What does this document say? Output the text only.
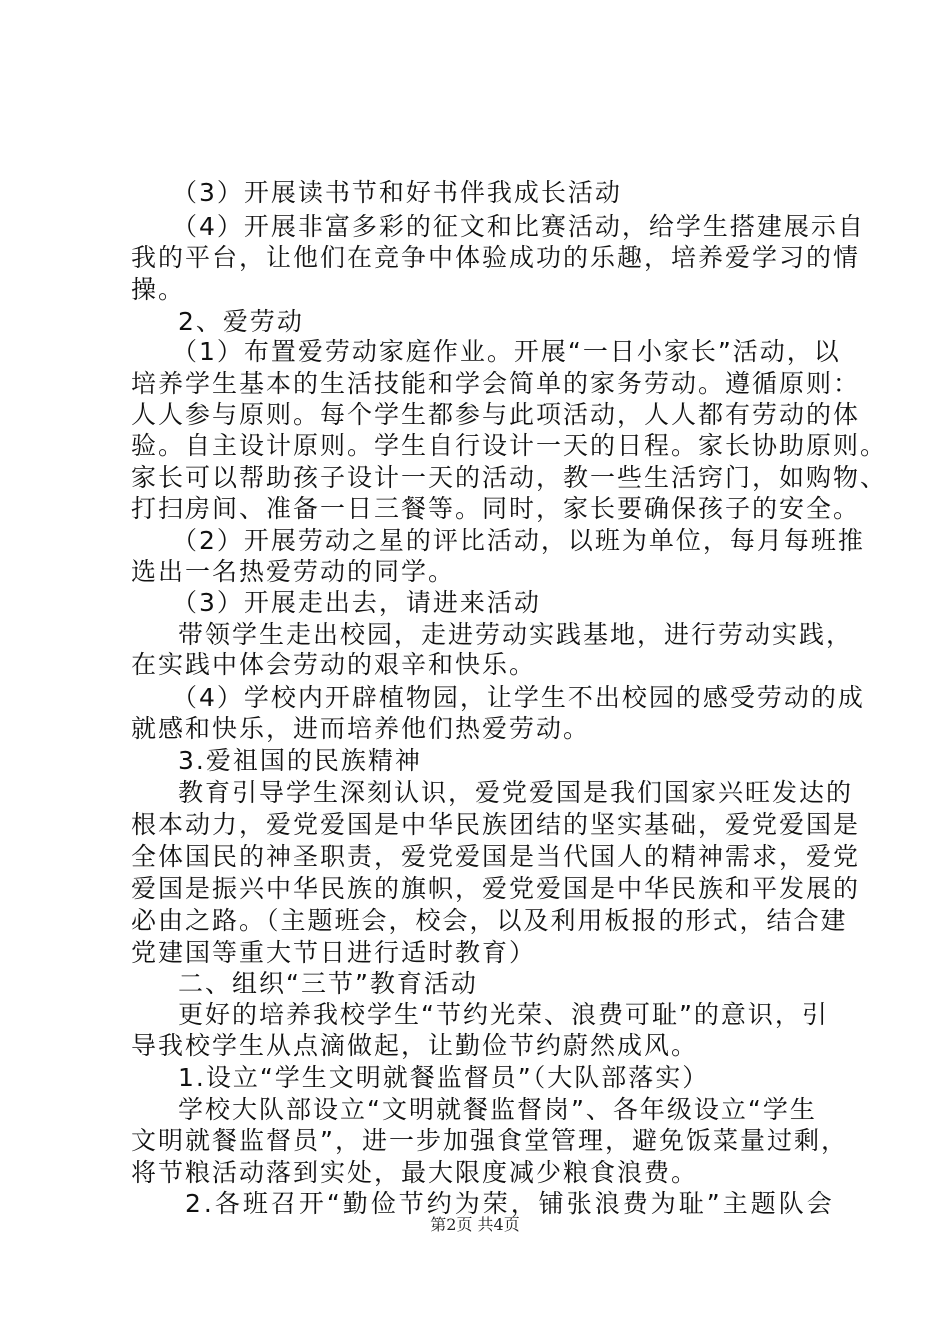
（3）开展读书节和好书伴我成长活动
（4）开展非富多彩的征文和比赛活动，给学生搭建展示自
我的平台，让他们在竞争中体验成功的乐趣，培养爱学习的情
操。
2、爱劳动
（1）布置爱劳动家庭作业。开展“一日小家长”活动，以
培养学生基本的生活技能和学会简单的家务劳动。遵循原则：
人人参与原则。每个学生都参与此项活动，人人都有劳动的体
验。自主设计原则。学生自行设计一天的日程。家长协助原则。
家长可以帮助孩子设计一天的活动，教一些生活窍门，如购物、
打扫房间、准备一日三餐等。同时，家长要确保孩子的安全。
（2）开展劳动之星的评比活动，以班为单位，每月每班推
选出一名热爱劳动的同学。
（3）开展走出去，请进来活动
带领学生走出校园，走进劳动实践基地，进行劳动实践，
在实践中体会劳动的艰辛和快乐。
（4）学校内开辟植物园，让学生不出校园的感受劳动的成
就感和快乐，进而培养他们热爱劳动。
3.爱祖国的民族精神
教育引导学生深刻认识，爱党爱国是我们国家兴旺发达的
根本动力，爱党爱国是中华民族团结的坚实基础，爱党爱国是
全体国民的神圣职责，爱党爱国是当代国人的精神需求，爱党
爱国是振兴中华民族的旗帜，爱党爱国是中华民族和平发展的
必由之路。（主题班会，校会，以及利用板报的形式，结合建
党建国等重大节日进行适时教育）
二、组织“三节”教育活动
更好的培养我校学生“节约光荣、浪费可耻”的意识，引
导我校学生从点滴做起，让勤俭节约蔚然成风。
1.设立“学生文明就餐监督员”（大队部落实）
学校大队部设立“文明就餐监督岗”、各年级设立“学生
文明就餐监督员”，进一步加强食堂管理，避免饭菜量过剩，
将节粮活动落到实处，最大限度减少粮食浪费。
2.各班召开“勤俭节约为荣，铺张浪费为耻”主题队会
第2页 共4页
